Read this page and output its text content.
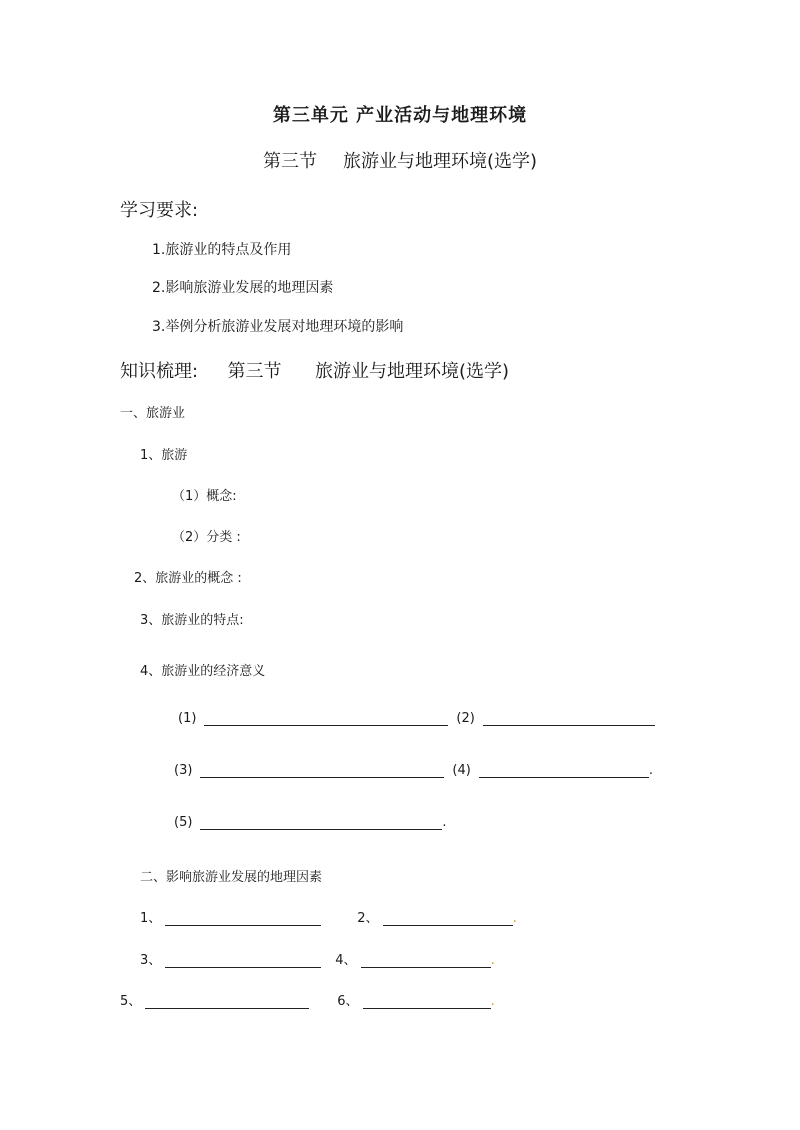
第三单元 产业活动与地理环境
第三节 旅游业与地理环境(选学)
学习要求:
1.旅游业的特点及作用
2.影响旅游业发展的地理因素
3.举例分析旅游业发展对地理环境的影响
知识梳理: 第三节 旅游业与地理环境(选学)
一、旅游业
1、旅游
（1）概念:
（2）分类 :
2、旅游业的概念 :
3、旅游业的特点:
4、旅游业的经济意义
(1)	(2)
(3)	(4)	.
(5)	.
二、影响旅游业发展的地理因素
1、	2、	.
3、	4、	.
5、	6、	.
